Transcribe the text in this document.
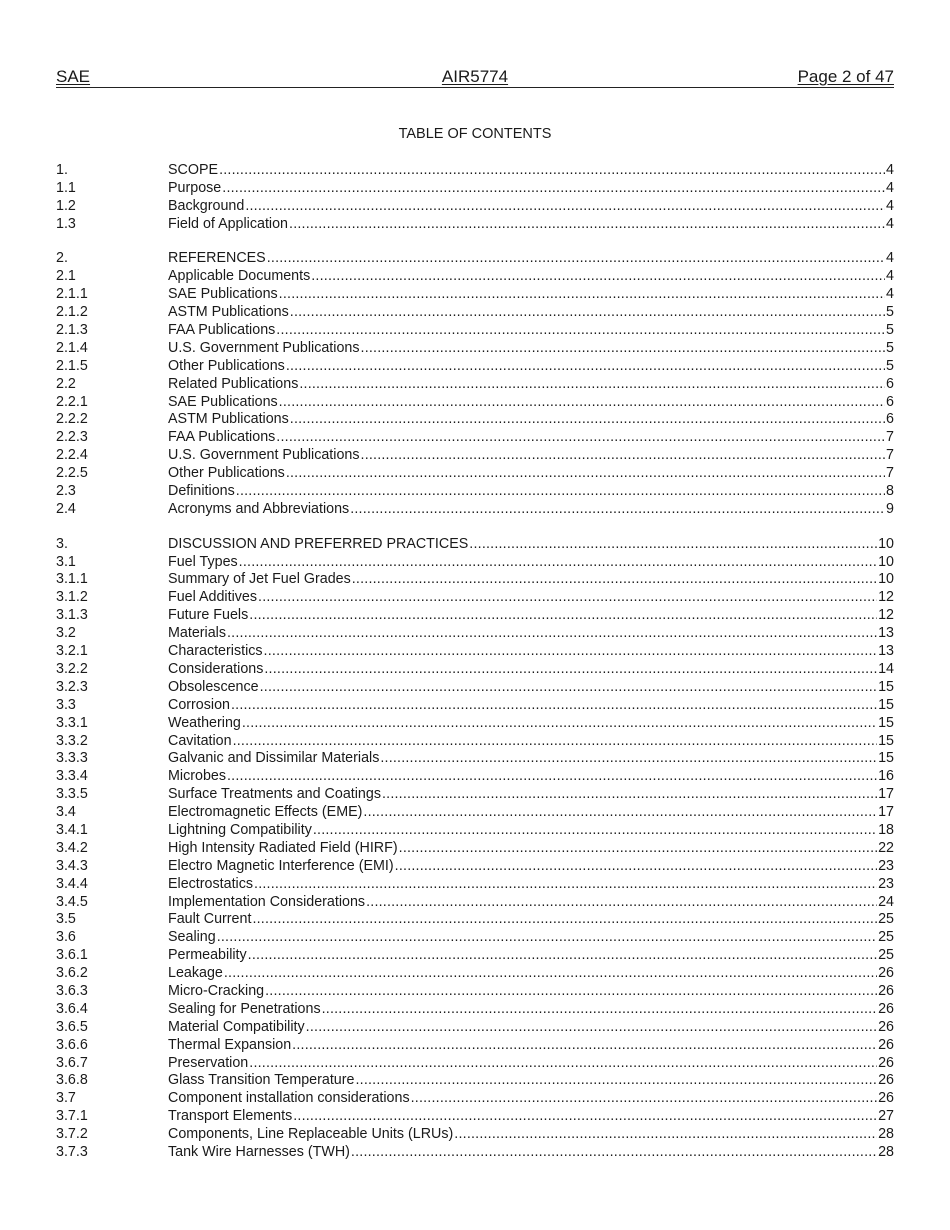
SAE	AIR5774	Page 2 of 47
TABLE OF CONTENTS
1.	SCOPE .....	4
1.1	Purpose .....	4
1.2	Background .....	4
1.3	Field of Application .....	4
2.	REFERENCES .....	4
2.1	Applicable Documents .....	4
2.1.1	SAE Publications .....	4
2.1.2	ASTM Publications .....	5
2.1.3	FAA Publications .....	5
2.1.4	U.S. Government Publications .....	5
2.1.5	Other Publications .....	5
2.2	Related Publications .....	6
2.2.1	SAE Publications .....	6
2.2.2	ASTM Publications .....	6
2.2.3	FAA Publications .....	7
2.2.4	U.S. Government Publications .....	7
2.2.5	Other Publications .....	7
2.3	Definitions .....	8
2.4	Acronyms and Abbreviations .....	9
3.	DISCUSSION AND PREFERRED PRACTICES .....	10
3.1	Fuel Types .....	10
3.1.1	Summary of Jet Fuel Grades .....	10
3.1.2	Fuel Additives .....	12
3.1.3	Future Fuels .....	12
3.2	Materials .....	13
3.2.1	Characteristics .....	13
3.2.2	Considerations .....	14
3.2.3	Obsolescence .....	15
3.3	Corrosion .....	15
3.3.1	Weathering .....	15
3.3.2	Cavitation .....	15
3.3.3	Galvanic and Dissimilar Materials .....	15
3.3.4	Microbes .....	16
3.3.5	Surface Treatments and Coatings .....	17
3.4	Electromagnetic Effects (EME) .....	17
3.4.1	Lightning Compatibility .....	18
3.4.2	High Intensity Radiated Field (HIRF) .....	22
3.4.3	Electro Magnetic Interference (EMI) .....	23
3.4.4	Electrostatics .....	23
3.4.5	Implementation Considerations .....	24
3.5	Fault Current .....	25
3.6	Sealing .....	25
3.6.1	Permeability .....	25
3.6.2	Leakage .....	26
3.6.3	Micro-Cracking .....	26
3.6.4	Sealing for Penetrations .....	26
3.6.5	Material Compatibility .....	26
3.6.6	Thermal Expansion .....	26
3.6.7	Preservation .....	26
3.6.8	Glass Transition Temperature .....	26
3.7	Component installation considerations .....	26
3.7.1	Transport Elements .....	27
3.7.2	Components, Line Replaceable Units (LRUs) .....	28
3.7.3	Tank Wire Harnesses (TWH) .....	28
